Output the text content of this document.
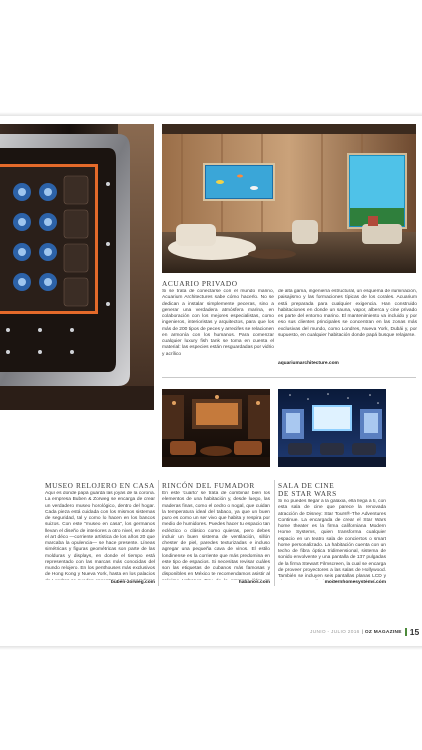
ACUARIO PRIVADO
Si se trata de conectarse con el mundo marino, Acuarium Architectures sabe cómo hacerlo. No se dedican a instalar simplemente peceras, sino a generar una verdadera atmósfera marina, en colaboración con los mejores especialistas, como ingenieros, interioristas y arquitectos, para que los más de 200 tipos de peces y arrecifes se relacionen en armonía con los humanos. Para comenzar cualquier luxury fish tank se toma en cuenta el material: las especies están resguardadas por vidrio y acrílico
de alta gama, ingeniería estructural, un esquema de iluminación, paisajismo y las formaciones típicas de los corales. Acuarium está preparada para cualquier exigencia. Han construido habitaciones en donde un sauna, vapor, alberca y cine privado es parte del entorno marino. El mantenimiento va incluido y por eso sus clientes principales se concentran en las zonas más exclusivas del mundo, como Londres, Nueva York, Dubái y, por supuesto, en cualquier habitación donde papá busque relajarse.
aquariumarchitecture.com
MUSEO RELOJERO EN CASA
Aquí es donde papá guarda las joyas de la corona. La empresa Buben & Zorweg se encarga de crear un verdadero museo horológico, dentro del hogar. Cada pieza está cuidada con los mismos sistemas de seguridad, tal y como lo hacen en los bancos suizos. Con este "museo en casa", los germanos llevan el diseño de interiores a otro nivel, en donde el art déco —corriente artística de los años 20 que marcaba la opulencia— se hace presente. Líneas simétricas y figuras geométricas son parte de las molduras y displays, en donde el tiempo está representado con las marcas más conocidas del mundo relojero. En los penthouses más exclusivos de Hong Kong y Nueva York, hasta en los palacios
buben-zorweg.com
RINCÓN DEL FUMADOR
En este 'cuarto' se trata de combinar bien los elementos de una habitación y, desde luego, las maderas finas, como el cedro o nogal, que cuidan la temperatura ideal del tabaco, ya que un buen puro es como un ser vivo que habita y respira por medio de humidores. Puedes hacer tu espacio tan ecléctico o clásico como quieras, pero debes incluir un buen sistema de ventilación, sillón chester de piel, paredes texturizadas e incluso agregar una pequeña cava de vinos. El estilo londinense es la corriente que más predomina en este tipo de espacios. Si necesitas revisar cuáles son las etiquetas de cubanos más famosas y disponibles en México te recomendamos asistir al
habanos.com
SALA DE CINE
DE STAR WARS
Si no puedes llegar a la galaxia, ella llega a ti, con esta sala de cine que parece la renovada atracción de Disney: Star Tours®-The Adventures Continue. La encargada de crear el Star Wars home theater es la firma californiana Modern Home Systems, quien transforma cualquier espacio en un teatro sala de conciertos o smart home personalizado. La habitación cuenta con un techo de fibra óptica tridimensional, sistema de sonido envolvente y una pantalla de 137 pulgadas de la firma Stewart Filmscreen, la cual se encarga de proveer proyectores a las salas de Hollywood. También se incluyen seis pantallas planas LCD y
modernhomesystems.com
JUNIO - JULIO 2016 | OZ MAGAZINE 15
